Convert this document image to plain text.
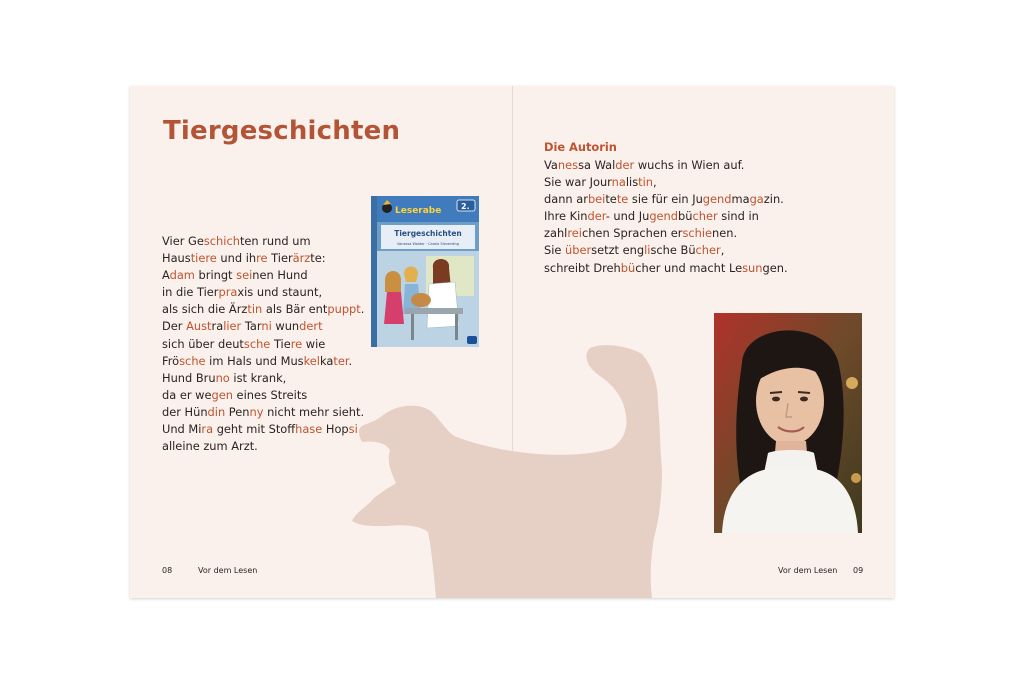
Tiergeschichten
Vier Geschichten rund um
Haustiere und ihre Tierärzte:
Adam bringt seinen Hund
in die Tierpraxis und staunt,
als sich die Ärztin als Bär entpuppt.
Der Australier Tarni wundert
sich über deutsche Tiere wie
Frösche im Hals und Muskelkater.
Hund Bruno ist krank,
da er wegen eines Streits
der Hündin Penny nicht mehr sieht.
Und Mira geht mit Stoffhase Hopsi
alleine zum Arzt.
Leserabe 2.
Tiergeschichten
Vanessa Walder · Carola Sieverding
Die Autorin
Vanessa Walder wuchs in Wien auf.
Sie war Journalistin,
dann arbeitete sie für ein Jugendmagazin.
Ihre Kinder- und Jugendbücher sind in
zahlreichen Sprachen erschienen.
Sie übersetzt englische Bücher,
schreibt Drehbücher und macht Lesungen.
08	Vor dem Lesen	Vor dem Lesen 09
